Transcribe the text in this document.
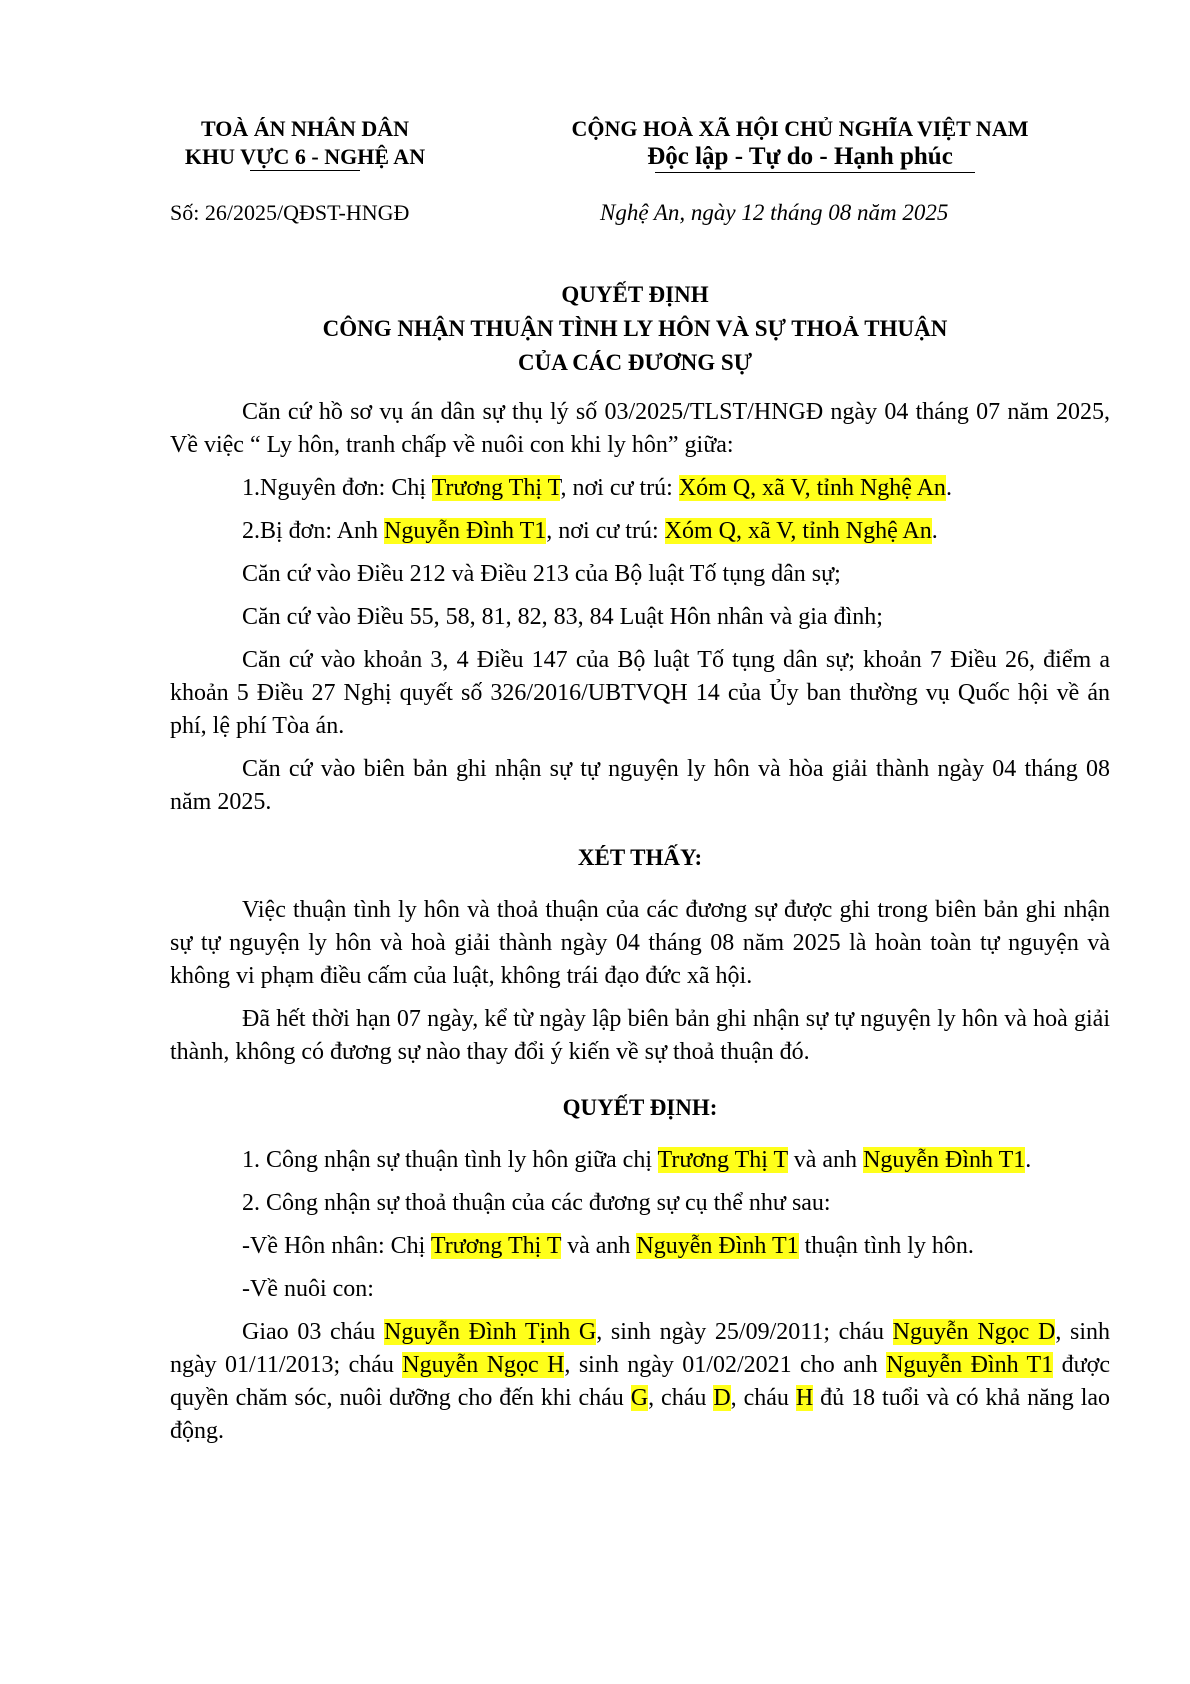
TOÀ ÁN NHÂN DÂN
KHU VỰC 6 - NGHỆ AN
CỘNG HOÀ XÃ HỘI CHỦ NGHĨA VIỆT NAM
Độc lập - Tự do - Hạnh phúc
Số: 26/2025/QĐST-HNGĐ	Nghệ An, ngày 12 tháng 08 năm 2025
QUYẾT ĐỊNH
CÔNG NHẬN THUẬN TÌNH LY HÔN VÀ SỰ THOẢ THUẬN
CỦA CÁC ĐƯƠNG SỰ

Căn cứ hồ sơ vụ án dân sự thụ lý số 03/2025/TLST/HNGĐ ngày 04 tháng 07 năm 2025, Về việc “ Ly hôn, tranh chấp về nuôi con khi ly hôn” giữa:

1.Nguyên đơn: Chị Trương Thị T, nơi cư trú: Xóm Q, xã V, tỉnh Nghệ An.

2.Bị đơn: Anh Nguyễn Đình T1, nơi cư trú: Xóm Q, xã V, tỉnh Nghệ An.

Căn cứ vào Điều 212 và Điều 213 của Bộ luật Tố tụng dân sự;

Căn cứ vào Điều 55, 58, 81, 82, 83, 84 Luật Hôn nhân và gia đình;

Căn cứ vào khoản 3, 4 Điều 147 của Bộ luật Tố tụng dân sự; khoản 7 Điều 26, điểm a khoản 5 Điều 27 Nghị quyết số 326/2016/UBTVQH 14 của Ủy ban thường vụ Quốc hội về án phí, lệ phí Tòa án.

Căn cứ vào biên bản ghi nhận sự tự nguyện ly hôn và hòa giải thành ngày 04 tháng 08 năm 2025.

XÉT THẤY:

Việc thuận tình ly hôn và thoả thuận của các đương sự được ghi trong biên bản ghi nhận sự tự nguyện ly hôn và hoà giải thành ngày 04 tháng 08 năm 2025 là hoàn toàn tự nguyện và không vi phạm điều cấm của luật, không trái đạo đức xã hội.

Đã hết thời hạn 07 ngày, kể từ ngày lập biên bản ghi nhận sự tự nguyện ly hôn và hoà giải thành, không có đương sự nào thay đổi ý kiến về sự thoả thuận đó.

QUYẾT ĐỊNH:

1. Công nhận sự thuận tình ly hôn giữa chị Trương Thị T và anh Nguyễn Đình T1.

2. Công nhận sự thoả thuận của các đương sự cụ thể như sau:

-Về Hôn nhân: Chị Trương Thị T và anh Nguyễn Đình T1 thuận tình ly hôn.

-Về nuôi con:

Giao 03 cháu Nguyễn Đình Tịnh G, sinh ngày 25/09/2011; cháu Nguyễn Ngọc D, sinh ngày 01/11/2013; cháu Nguyễn Ngọc H, sinh ngày 01/02/2021 cho anh Nguyễn Đình T1 được quyền chăm sóc, nuôi dưỡng cho đến khi cháu G, cháu D, cháu H đủ 18 tuổi và có khả năng lao động.
